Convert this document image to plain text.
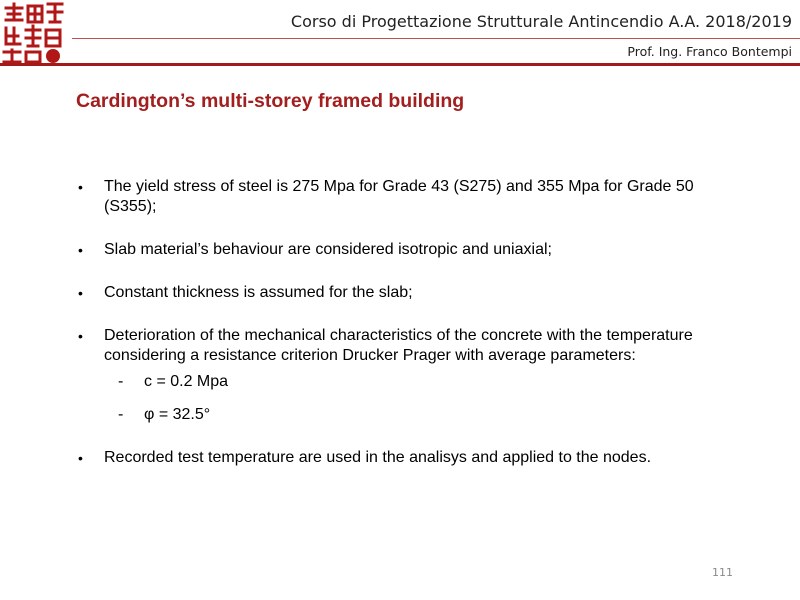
Corso di Progettazione Strutturale Antincendio A.A. 2018/2019
Prof. Ing. Franco Bontempi
Cardington’s multi-storey framed building
• The yield stress of steel is 275 Mpa for Grade 43 (S275) and 355 Mpa for Grade 50 (S355);
• Slab material’s behaviour are considered isotropic and uniaxial;
• Constant thickness is assumed for the slab;
• Deterioration of the mechanical characteristics of the concrete with the temperature considering a resistance criterion Drucker Prager with average parameters:
- c = 0.2 Mpa
- φ = 32.5°
• Recorded test temperature are used in the analisys and applied to the nodes.
111
